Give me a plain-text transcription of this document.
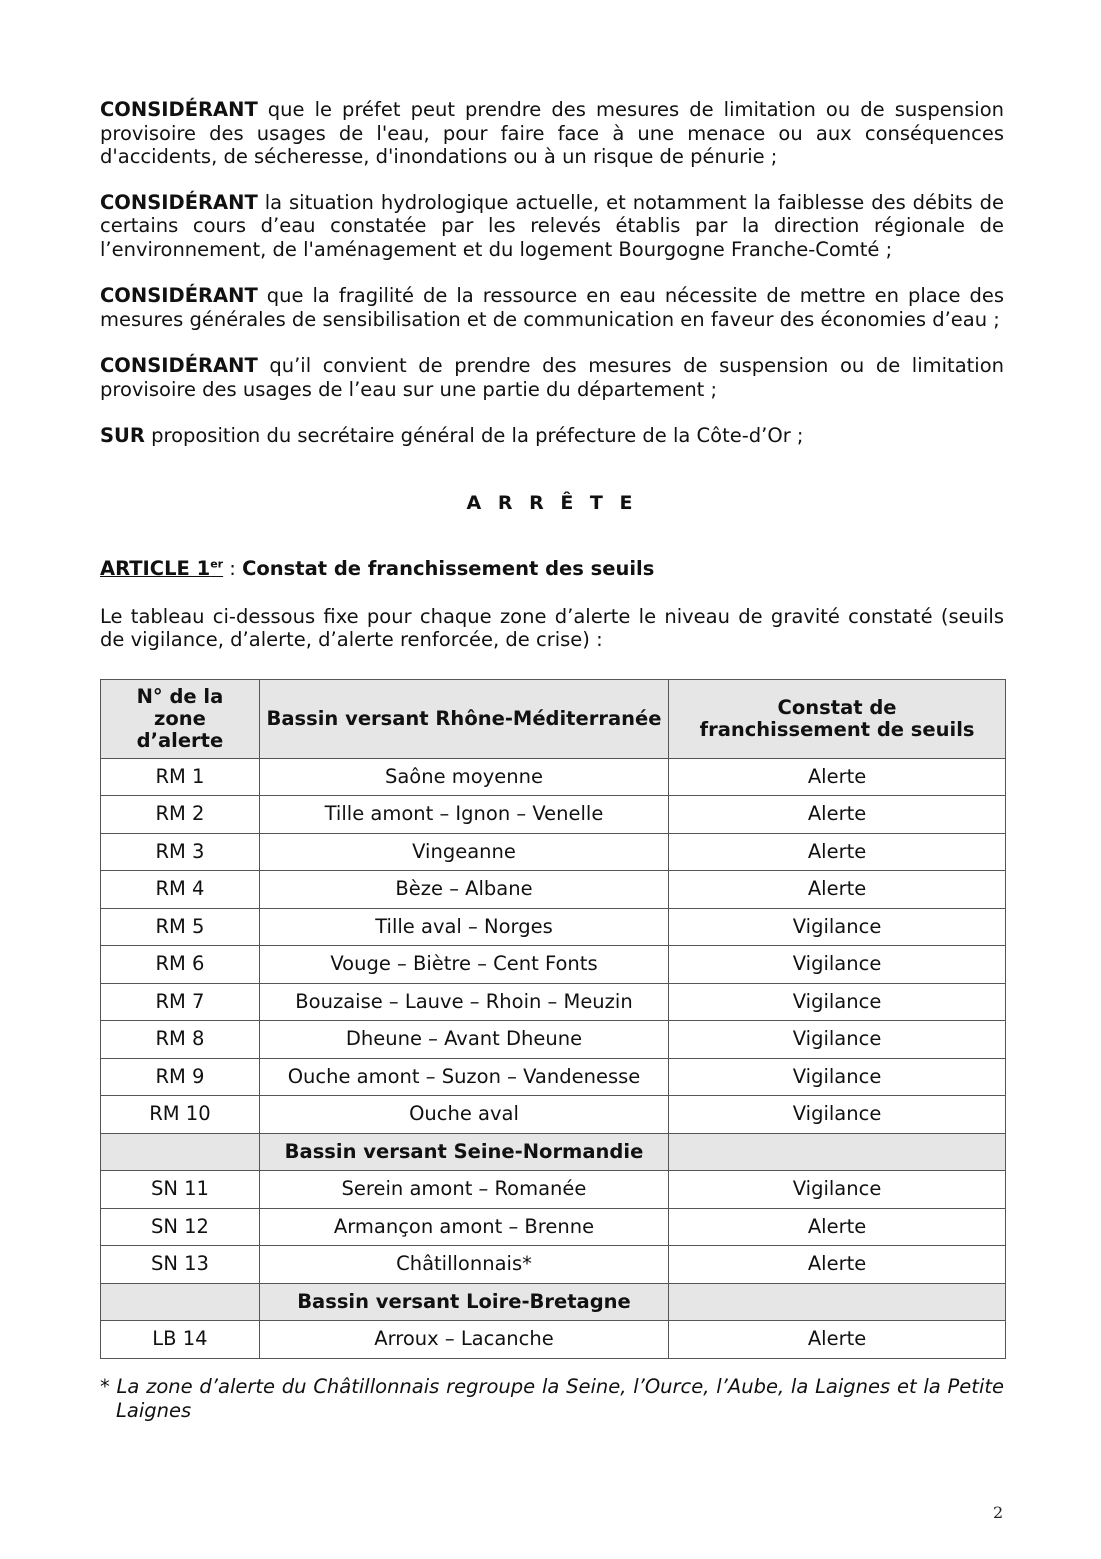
CONSIDÉRANT que le préfet peut prendre des mesures de limitation ou de suspension provisoire des usages de l'eau, pour faire face à une menace ou aux conséquences d'accidents, de sécheresse, d'inondations ou à un risque de pénurie ;

CONSIDÉRANT la situation hydrologique actuelle, et notamment la faiblesse des débits de certains cours d’eau constatée par les relevés établis par la direction régionale de l’environnement, de l'aménagement et du logement Bourgogne Franche-Comté ;

CONSIDÉRANT que la fragilité de la ressource en eau nécessite de mettre en place des mesures générales de sensibilisation et de communication en faveur des économies d’eau ;

CONSIDÉRANT qu’il convient de prendre des mesures de suspension ou de limitation provisoire des usages de l’eau sur une partie du département ;

SUR proposition du secrétaire général de la préfecture de la Côte-d’Or ;

A R R Ê T E
ARTICLE 1er : Constat de franchissement des seuils

Le tableau ci-dessous fixe pour chaque zone d’alerte le niveau de gravité constaté (seuils de vigilance, d’alerte, d’alerte renforcée, de crise) :

N° de la zone d’alerte	Bassin versant Rhône-Méditerranée	Constat de franchissement de seuils

RM 1	Saône moyenne	Alerte
RM 2	Tille amont – Ignon – Venelle	Alerte
RM 3	Vingeanne	Alerte
RM 4	Bèze – Albane	Alerte
RM 5	Tille aval – Norges	Vigilance
RM 6	Vouge – Biètre – Cent Fonts	Vigilance
RM 7	Bouzaise – Lauve – Rhoin – Meuzin	Vigilance
RM 8	Dheune – Avant Dheune	Vigilance
RM 9	Ouche amont – Suzon – Vandenesse	Vigilance
RM 10	Ouche aval	Vigilance
	Bassin versant Seine-Normandie	
SN 11	Serein amont – Romanée	Vigilance
SN 12	Armançon amont – Brenne	Alerte
SN 13	Châtillonnais*	Alerte
	Bassin versant Loire-Bretagne	
LB 14	Arroux – Lacanche	Alerte
* La zone d’alerte du Châtillonnais regroupe la Seine, l’Ource, l’Aube, la Laignes et la Petite Laignes
2
